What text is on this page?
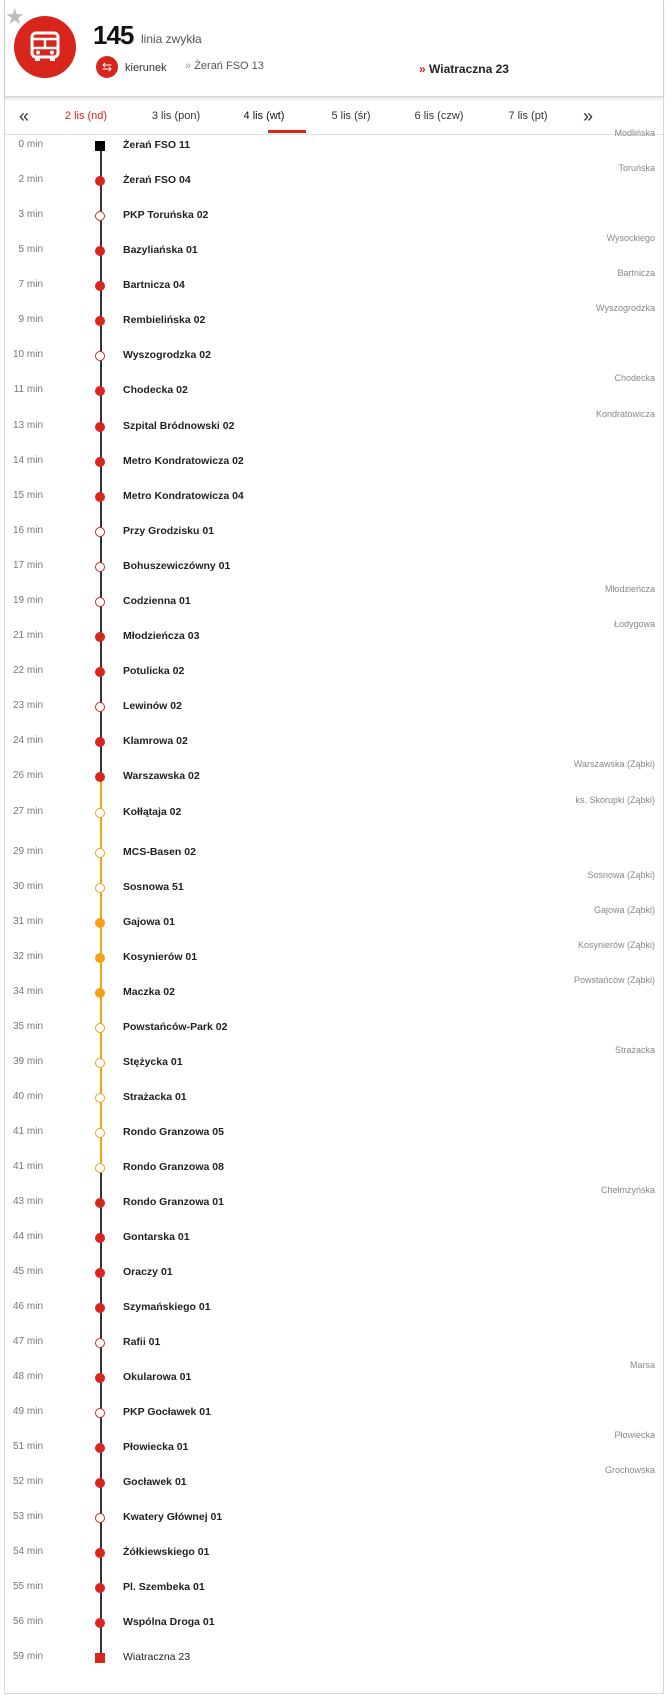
★
145 linia zwykła
⇆	kierunek » Żerań FSO 13	» Wiatraczna 23
«	»
2 lis (nd)	3 lis (pon)	4 lis (wt)	5 lis (śr)	6 lis (czw)	7 lis (pt)
0 min	Żerań FSO 11
Modlińska
2 min	Żerań FSO 04
Toruńska
3 min	PKP Toruńska 02
5 min	Bazyliańska 01
Wysockiego
7 min	Bartnicza 04
Bartnicza
9 min	Rembielińska 02
Wyszogrodzka
10 min	Wyszogrodzka 02
11 min	Chodecka 02
Chodecka
13 min	Szpital Bródnowski 02
Kondratowicza
14 min	Metro Kondratowicza 02
15 min	Metro Kondratowicza 04
16 min	Przy Grodzisku 01
17 min	Bohuszewiczówny 01
19 min	Codzienna 01
Młodzieńcza
21 min	Młodzieńcza 03
Łodygowa
22 min	Potulicka 02
23 min	Lewinów 02
24 min	Klamrowa 02
26 min	Warszawska 02
Warszawska (Ząbki)
27 min	Kołłątaja 02
ks. Skorupki (Ząbki)
29 min	MCS-Basen 02
30 min	Sosnowa 51
Sosnowa (Ząbki)
31 min	Gajowa 01
Gajowa (Ząbki)
32 min	Kosynierów 01
Kosynierów (Ząbki)
34 min	Maczka 02
Powstańców (Ząbki)
35 min	Powstańców-Park 02
39 min	Stężycka 01
Strażacka
40 min	Strażacka 01
41 min	Rondo Granzowa 05
41 min	Rondo Granzowa 08
43 min	Rondo Granzowa 01
Chełmżyńska
44 min	Gontarska 01
45 min	Oraczy 01
46 min	Szymańskiego 01
47 min	Rafii 01
48 min	Okularowa 01
Marsa
49 min	PKP Gocławek 01
51 min	Płowiecka 01
Płowiecka
52 min	Gocławek 01
Grochowska
53 min	Kwatery Głównej 01
54 min	Żółkiewskiego 01
55 min	Pl. Szembeka 01
56 min	Wspólna Droga 01
59 min	Wiatraczna 23
